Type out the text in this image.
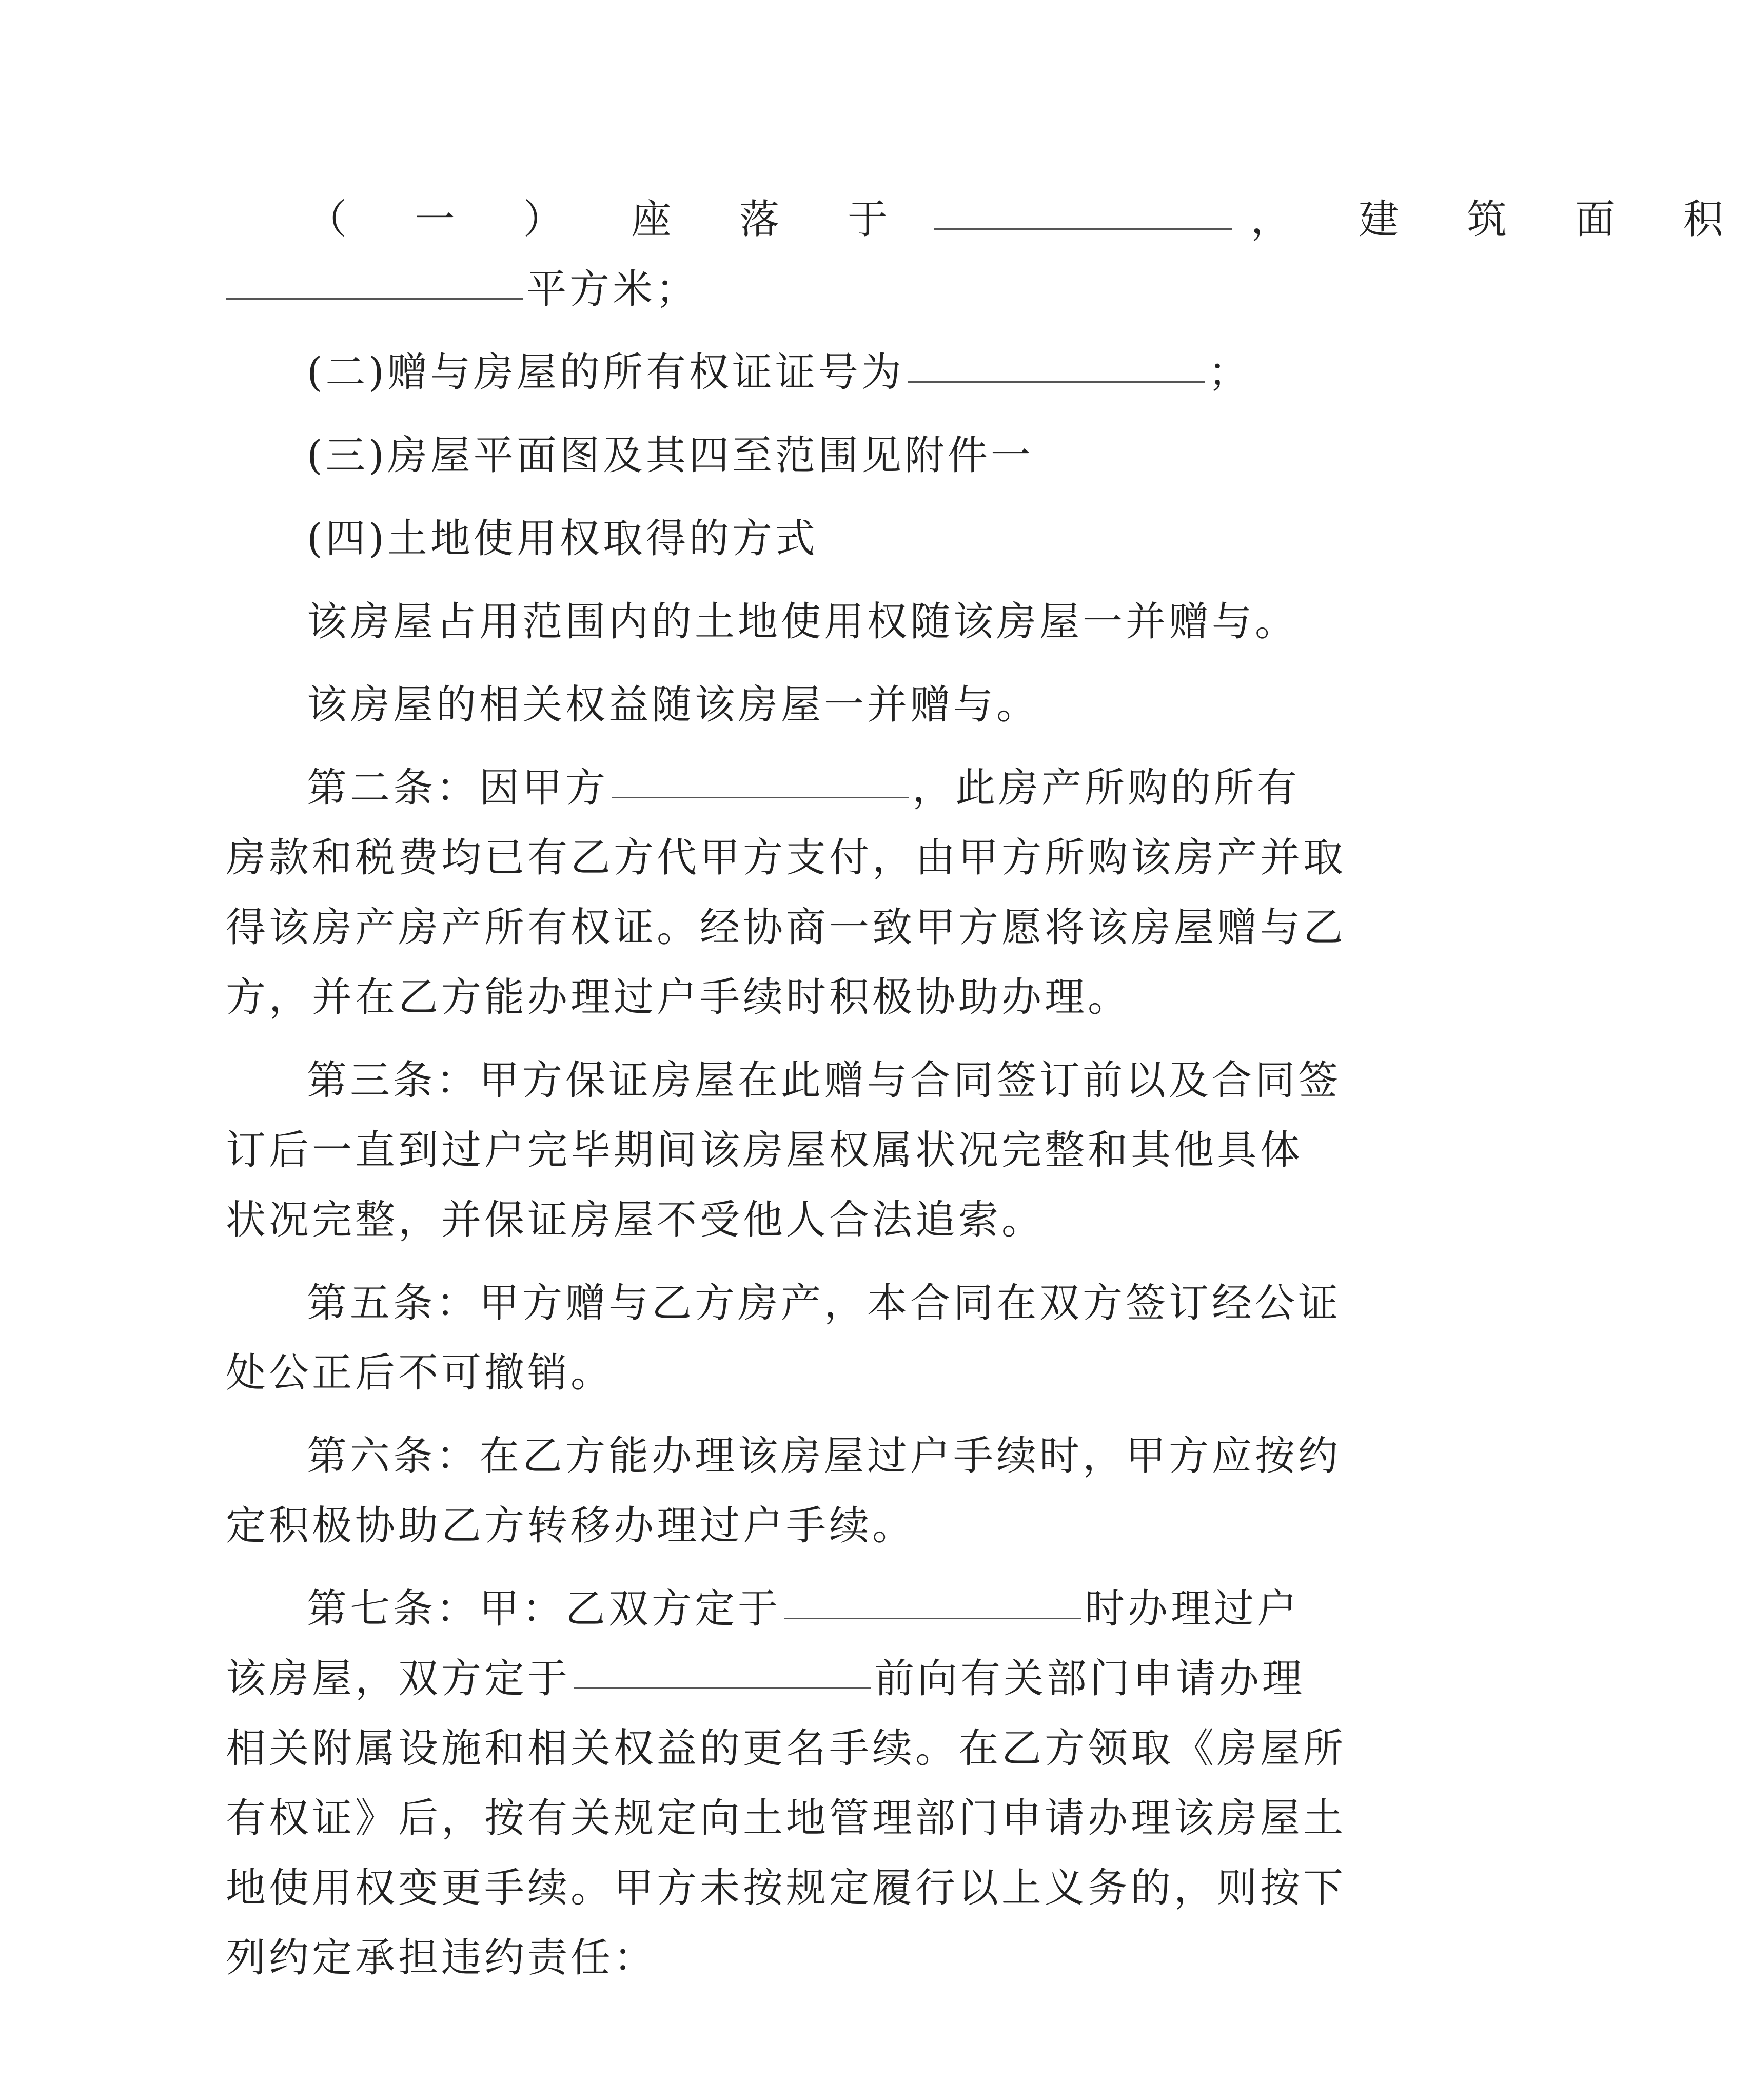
（ 一 ） 座 落 于	， 建 筑 面 积
平方米；
(二)赠与房屋的所有权证证号为	；
(三)房屋平面图及其四至范围见附件一
(四)土地使用权取得的方式
该房屋占用范围内的土地使用权随该房屋一并赠与。
该房屋的相关权益随该房屋一并赠与。
第二条：因甲方	，此房产所购的所有
房款和税费均已有乙方代甲方支付，由甲方所购该房产并取
得该房产房产所有权证。经协商一致甲方愿将该房屋赠与乙
方，并在乙方能办理过户手续时积极协助办理。
第三条：甲方保证房屋在此赠与合同签订前以及合同签
订后一直到过户完毕期间该房屋权属状况完整和其他具体
状况完整，并保证房屋不受他人合法追索。
第五条：甲方赠与乙方房产，本合同在双方签订经公证
处公正后不可撤销。
第六条：在乙方能办理该房屋过户手续时，甲方应按约
定积极协助乙方转移办理过户手续。
第七条：甲：乙双方定于	时办理过户
该房屋，双方定于	前向有关部门申请办理
相关附属设施和相关权益的更名手续。在乙方领取《房屋所
有权证》后，按有关规定向土地管理部门申请办理该房屋土
地使用权变更手续。甲方未按规定履行以上义务的，则按下
列约定承担违约责任：
